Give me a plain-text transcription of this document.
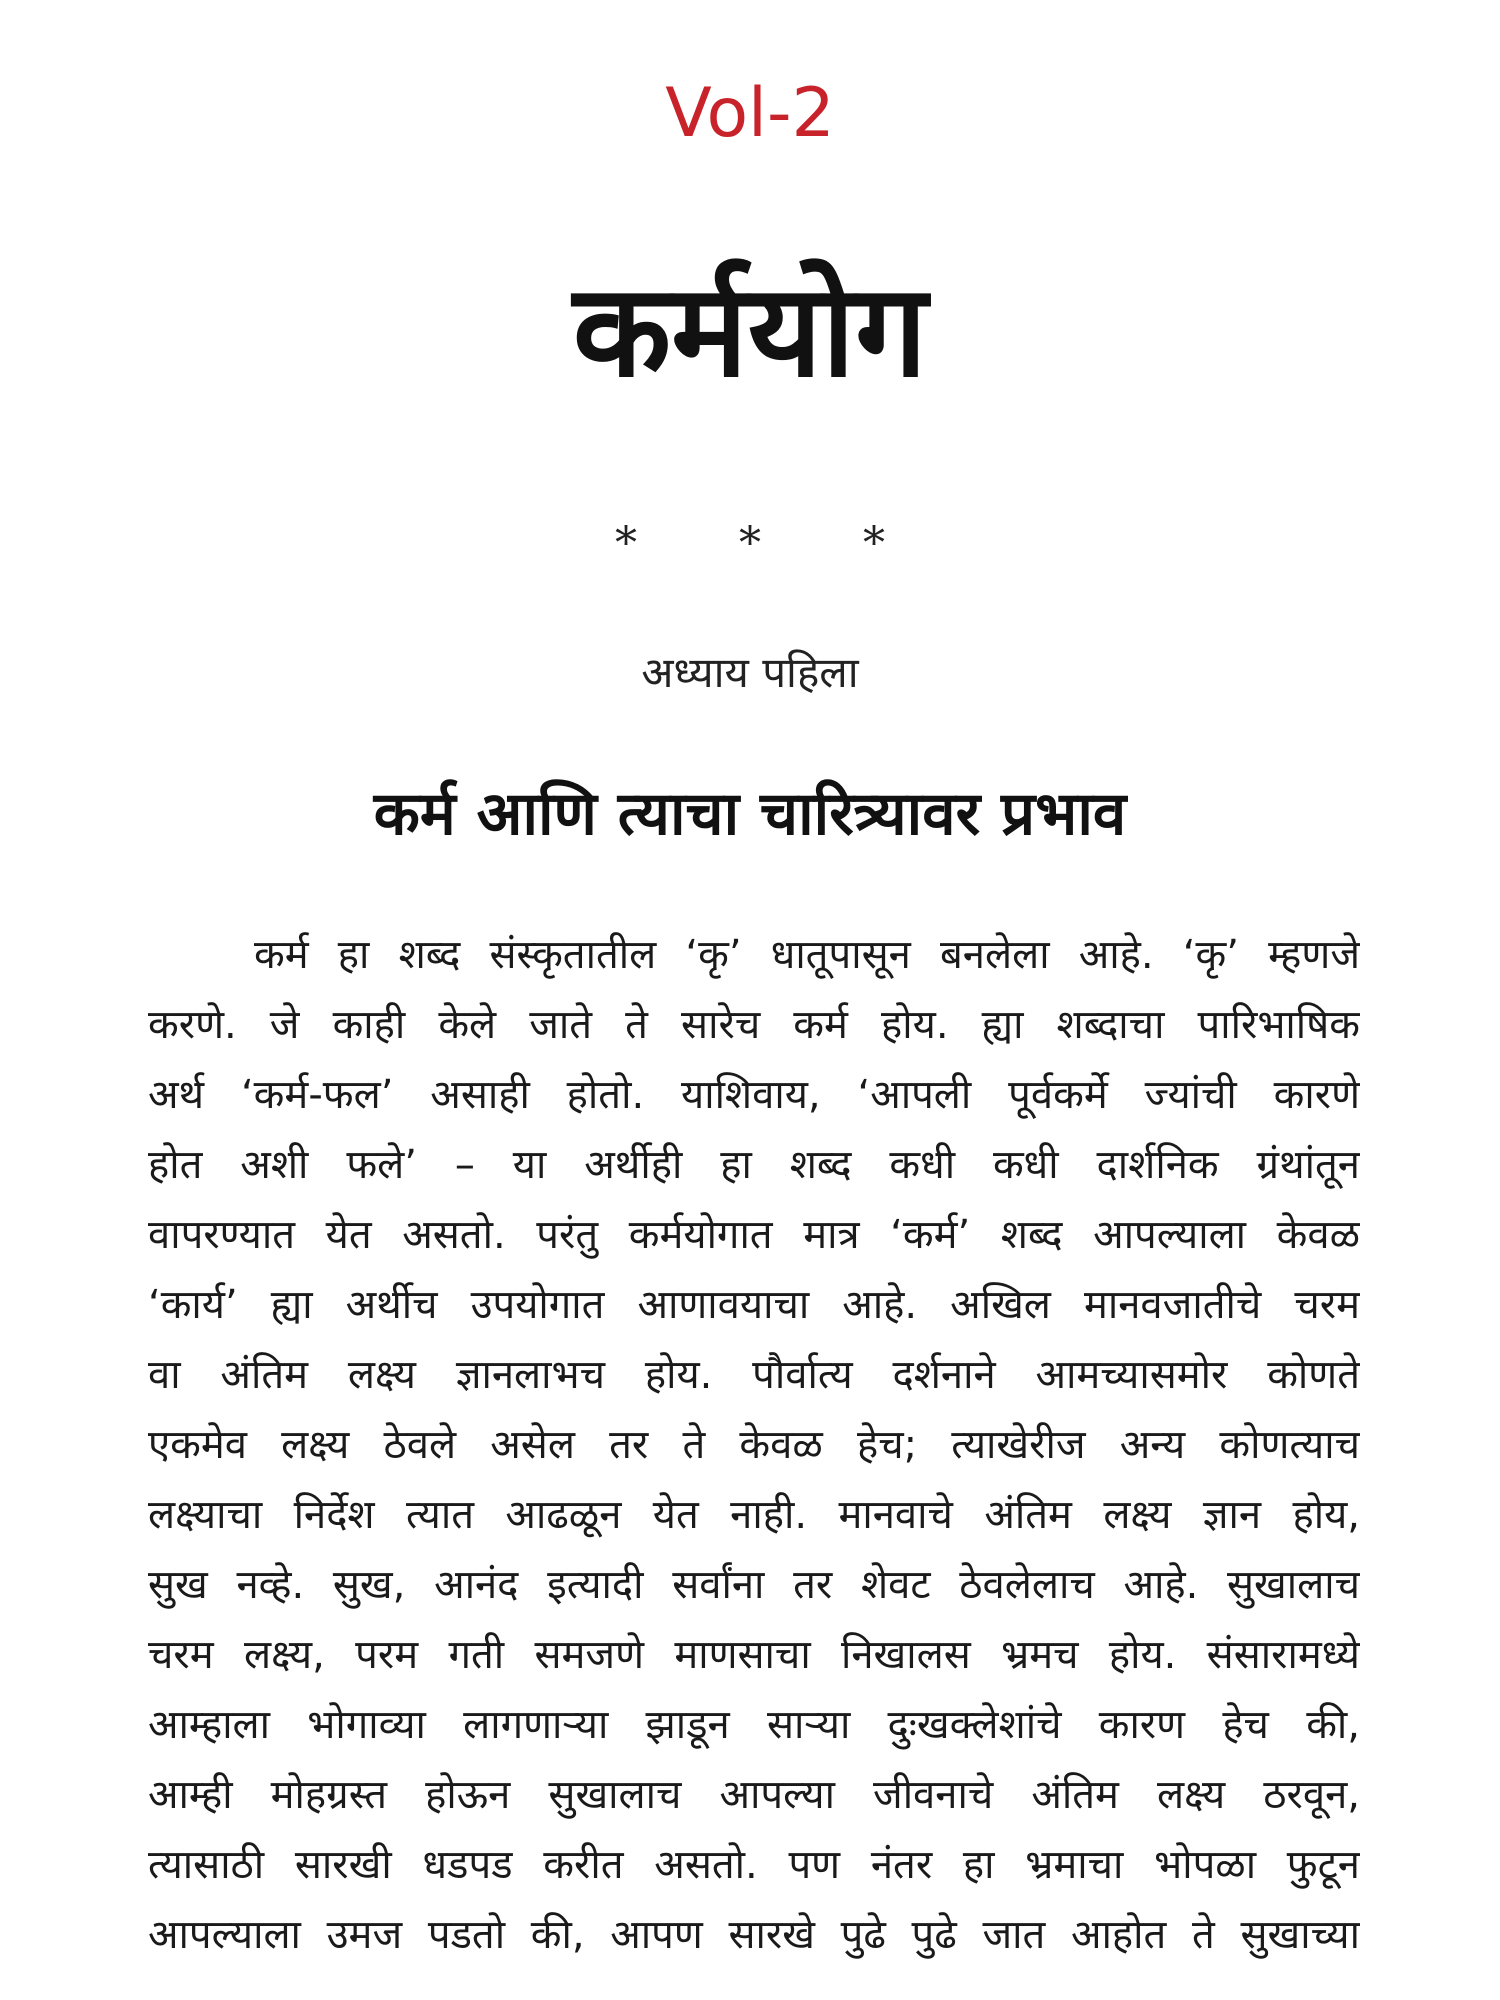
Vol-2
कर्मयोग
* * *
अध्याय पहिला
कर्म आणि त्याचा चारित्र्यावर प्रभाव
कर्म हा शब्द संस्कृतातील ‘कृ’ धातूपासून बनलेला आहे. ‘कृ’ म्हणजे
करणे. जे काही केले जाते ते सारेच कर्म होय. ह्या शब्दाचा पारिभाषिक
अर्थ ‘कर्म-फल’ असाही होतो. याशिवाय, ‘आपली पूर्वकर्मे ज्यांची कारणे
होत अशी फले’ – या अर्थीही हा शब्द कधी कधी दार्शनिक ग्रंथांतून
वापरण्यात येत असतो. परंतु कर्मयोगात मात्र ‘कर्म’ शब्द आपल्याला केवळ
‘कार्य’ ह्या अर्थीच उपयोगात आणावयाचा आहे. अखिल मानवजातीचे चरम
वा अंतिम लक्ष्य ज्ञानलाभच होय. पौर्वात्य दर्शनाने आमच्यासमोर कोणते
एकमेव लक्ष्य ठेवले असेल तर ते केवळ हेच; त्याखेरीज अन्य कोणत्याच
लक्ष्याचा निर्देश त्यात आढळून येत नाही. मानवाचे अंतिम लक्ष्य ज्ञान होय,
सुख नव्हे. सुख, आनंद इत्यादी सर्वांना तर शेवट ठेवलेलाच आहे. सुखालाच
चरम लक्ष्य, परम गती समजणे माणसाचा निखालस भ्रमच होय. संसारामध्ये
आम्हाला भोगाव्या लागणाऱ्या झाडून साऱ्या दुःखक्लेशांचे कारण हेच की,
आम्ही मोहग्रस्त होऊन सुखालाच आपल्या जीवनाचे अंतिम लक्ष्य ठरवून,
त्यासाठी सारखी धडपड करीत असतो. पण नंतर हा भ्रमाचा भोपळा फुटून
आपल्याला उमज पडतो की, आपण सारखे पुढे पुढे जात आहोत ते सुखाच्या
